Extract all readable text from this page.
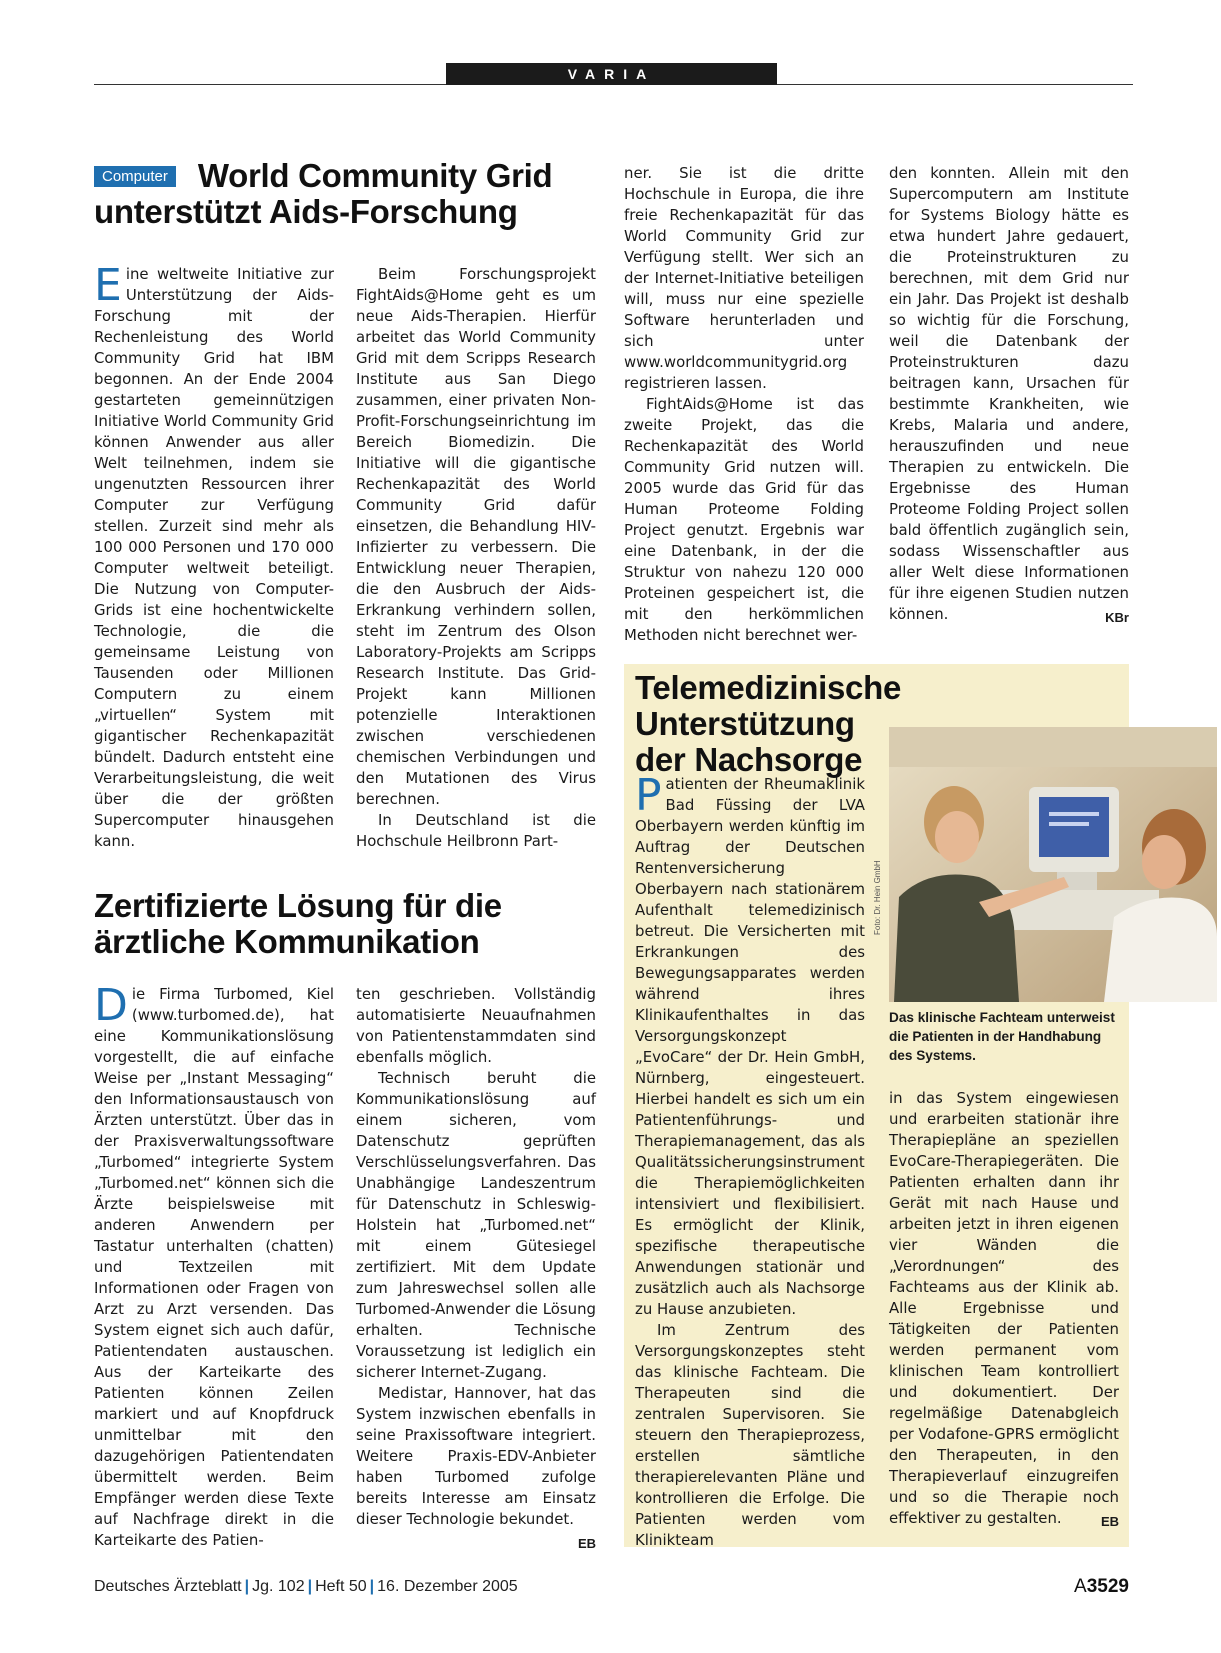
VARIA
Computer World Community Grid
unterstützt Aids-Forschung

Eine weltweite Initiative zur Unterstützung der Aids-Forschung mit der Rechenleistung des World Community Grid hat IBM begonnen. An der Ende 2004 gestarteten gemeinnützigen Initiative World Community Grid können Anwender aus aller Welt teilnehmen, indem sie ungenutzten Ressourcen ihrer Computer zur Verfügung stellen. Zurzeit sind mehr als 100 000 Personen und 170 000 Computer weltweit beteiligt. Die Nutzung von Computer-Grids ist eine hochentwickelte Technologie, die die gemeinsame Leistung von Tausenden oder Millionen Computern zu einem „virtuellen“ System mit gigantischer Rechenkapazität bündelt. Dadurch entsteht eine Verarbeitungsleistung, die weit über die der größten Supercomputer hinausgehen kann.

Beim Forschungsprojekt FightAids@Home geht es um neue Aids-Therapien. Hierfür arbeitet das World Community Grid mit dem Scripps Research Institute aus San Diego zusammen, einer privaten Non-Profit-Forschungseinrichtung im Bereich Biomedizin. Die Initiative will die gigantische Rechenkapazität des World Community Grid dafür einsetzen, die Behandlung HIV-Infizierter zu verbessern. Die Entwicklung neuer Therapien, die den Ausbruch der Aids-Erkrankung verhindern sollen, steht im Zentrum des Olson Laboratory-Projekts am Scripps Research Institute. Das Grid-Projekt kann Millionen potenzielle Interaktionen zwischen verschiedenen chemischen Verbindungen und den Mutationen des Virus berechnen.

In Deutschland ist die Hochschule Heilbronn Part-

ner. Sie ist die dritte Hochschule in Europa, die ihre freie Rechenkapazität für das World Community Grid zur Verfügung stellt. Wer sich an der Internet-Initiative beteiligen will, muss nur eine spezielle Software herunterladen und sich unter www.worldcommunitygrid.org registrieren lassen.

FightAids@Home ist das zweite Projekt, das die Rechenkapazität des World Community Grid nutzen will. 2005 wurde das Grid für das Human Proteome Folding Project genutzt. Ergebnis war eine Datenbank, in der die Struktur von nahezu 120 000 Proteinen gespeichert ist, die mit den herkömmlichen Methoden nicht berechnet wer-

den konnten. Allein mit den Supercomputern am Institute for Systems Biology hätte es etwa hundert Jahre gedauert, die Proteinstrukturen zu berechnen, mit dem Grid nur ein Jahr. Das Projekt ist deshalb so wichtig für die Forschung, weil die Datenbank der Proteinstrukturen dazu beitragen kann, Ursachen für bestimmte Krankheiten, wie Krebs, Malaria und andere, herauszufinden und neue Therapien zu entwickeln. Die Ergebnisse des Human Proteome Folding Project sollen bald öffentlich zugänglich sein, sodass Wissenschaftler aus aller Welt diese Informationen für ihre eigenen Studien nutzen können.	KBr

Zertifizierte Lösung für die
ärztliche Kommunikation

Die Firma Turbomed, Kiel (www.turbomed.de), hat eine Kommunikationslösung vorgestellt, die auf einfache Weise per „Instant Messaging“ den Informationsaustausch von Ärzten unterstützt. Über das in der Praxisverwaltungssoftware „Turbomed“ integrierte System „Turbomed.net“ können sich die Ärzte beispielsweise mit anderen Anwendern per Tastatur unterhalten (chatten) und Textzeilen mit Informationen oder Fragen von Arzt zu Arzt versenden. Das System eignet sich auch dafür, Patientendaten austauschen. Aus der Karteikarte des Patienten können Zeilen markiert und auf Knopfdruck unmittelbar mit den dazugehörigen Patientendaten übermittelt werden. Beim Empfänger werden diese Texte auf Nachfrage direkt in die Karteikarte des Patien-

ten geschrieben. Vollständig automatisierte Neuaufnahmen von Patientenstammdaten sind ebenfalls möglich.

Technisch beruht die Kommunikationslösung auf einem sicheren, vom Datenschutz geprüften Verschlüsselungsverfahren. Das Unabhängige Landeszentrum für Datenschutz in Schleswig-Holstein hat „Turbomed.net“ mit einem Gütesiegel zertifiziert. Mit dem Update zum Jahreswechsel sollen alle Turbomed-Anwender die Lösung erhalten. Technische Voraussetzung ist lediglich ein sicherer Internet-Zugang.

Medistar, Hannover, hat das System inzwischen ebenfalls in seine Praxissoftware integriert. Weitere Praxis-EDV-Anbieter haben Turbomed zufolge bereits Interesse am Einsatz dieser Technologie bekundet.
EB

Telemedizinische Unterstützung
der Nachsorge
Das klinische Fachteam unterweist die Patienten in der Handhabung des Systems.

Patienten der Rheumaklinik Bad Füssing der LVA Oberbayern werden künftig im Auftrag der Deutschen Rentenversicherung Oberbayern nach stationärem Aufenthalt telemedizinisch betreut. Die Versicherten mit Erkrankungen des Bewegungsapparates werden während ihres Klinikaufenthaltes in das Versorgungskonzept „EvoCare“ der Dr. Hein GmbH, Nürnberg, eingesteuert. Hierbei handelt es sich um ein Patientenführungs- und Therapiemanagement, das als Qualitätssicherungsinstrument die Therapiemöglichkeiten intensiviert und flexibilisiert. Es ermöglicht der Klinik, spezifische therapeutische Anwendungen stationär und zusätzlich auch als Nachsorge zu Hause anzubieten.

Im Zentrum des Versorgungskonzeptes steht das klinische Fachteam. Die Therapeuten sind die zentralen Supervisoren. Sie steuern den Therapieprozess, erstellen sämtliche therapierelevanten Pläne und kontrollieren die Erfolge. Die Patienten werden vom Klinikteam

in das System eingewiesen und erarbeiten stationär ihre Therapiepläne an speziellen EvoCare-Therapiegeräten. Die Patienten erhalten dann ihr Gerät mit nach Hause und arbeiten jetzt in ihren eigenen vier Wänden die „Verordnungen“ des Fachteams aus der Klinik ab. Alle Ergebnisse und Tätigkeiten der Patienten werden permanent vom klinischen Team kontrolliert und dokumentiert. Der regelmäßige Datenabgleich per Vodafone-GPRS ermöglicht den Therapeuten, in den Therapieverlauf einzugreifen und so die Therapie noch effektiver zu gestalten.	EB

Deutsches Ärzteblatt | Jg. 102 | Heft 50 | 16. Dezember 2005	A3529
